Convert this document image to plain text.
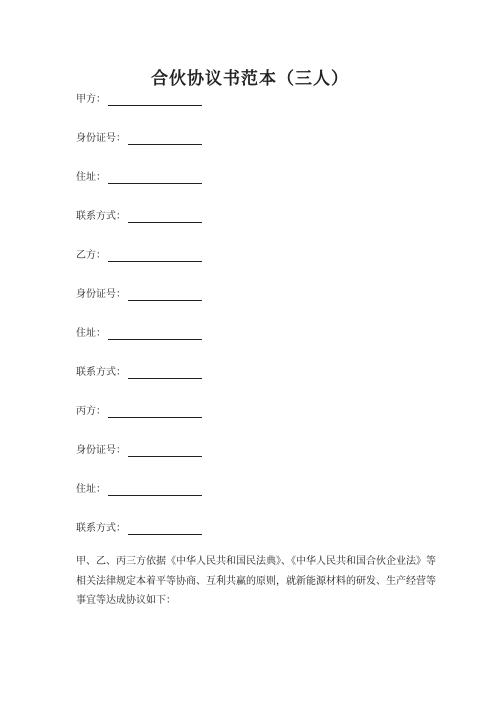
合伙协议书范本（三人）
甲方：
身份证号：
住址：
联系方式：
乙方：
身份证号：
住址：
联系方式：
丙方：
身份证号：
住址：
联系方式：

甲、乙、丙三方依据《中华人民共和国民法典》、《中华人民共和国合伙企业法》等相关法律规定本着平等协商、互利共赢的原则，就新能源材料的研发、生产经营等事宜等达成协议如下：
